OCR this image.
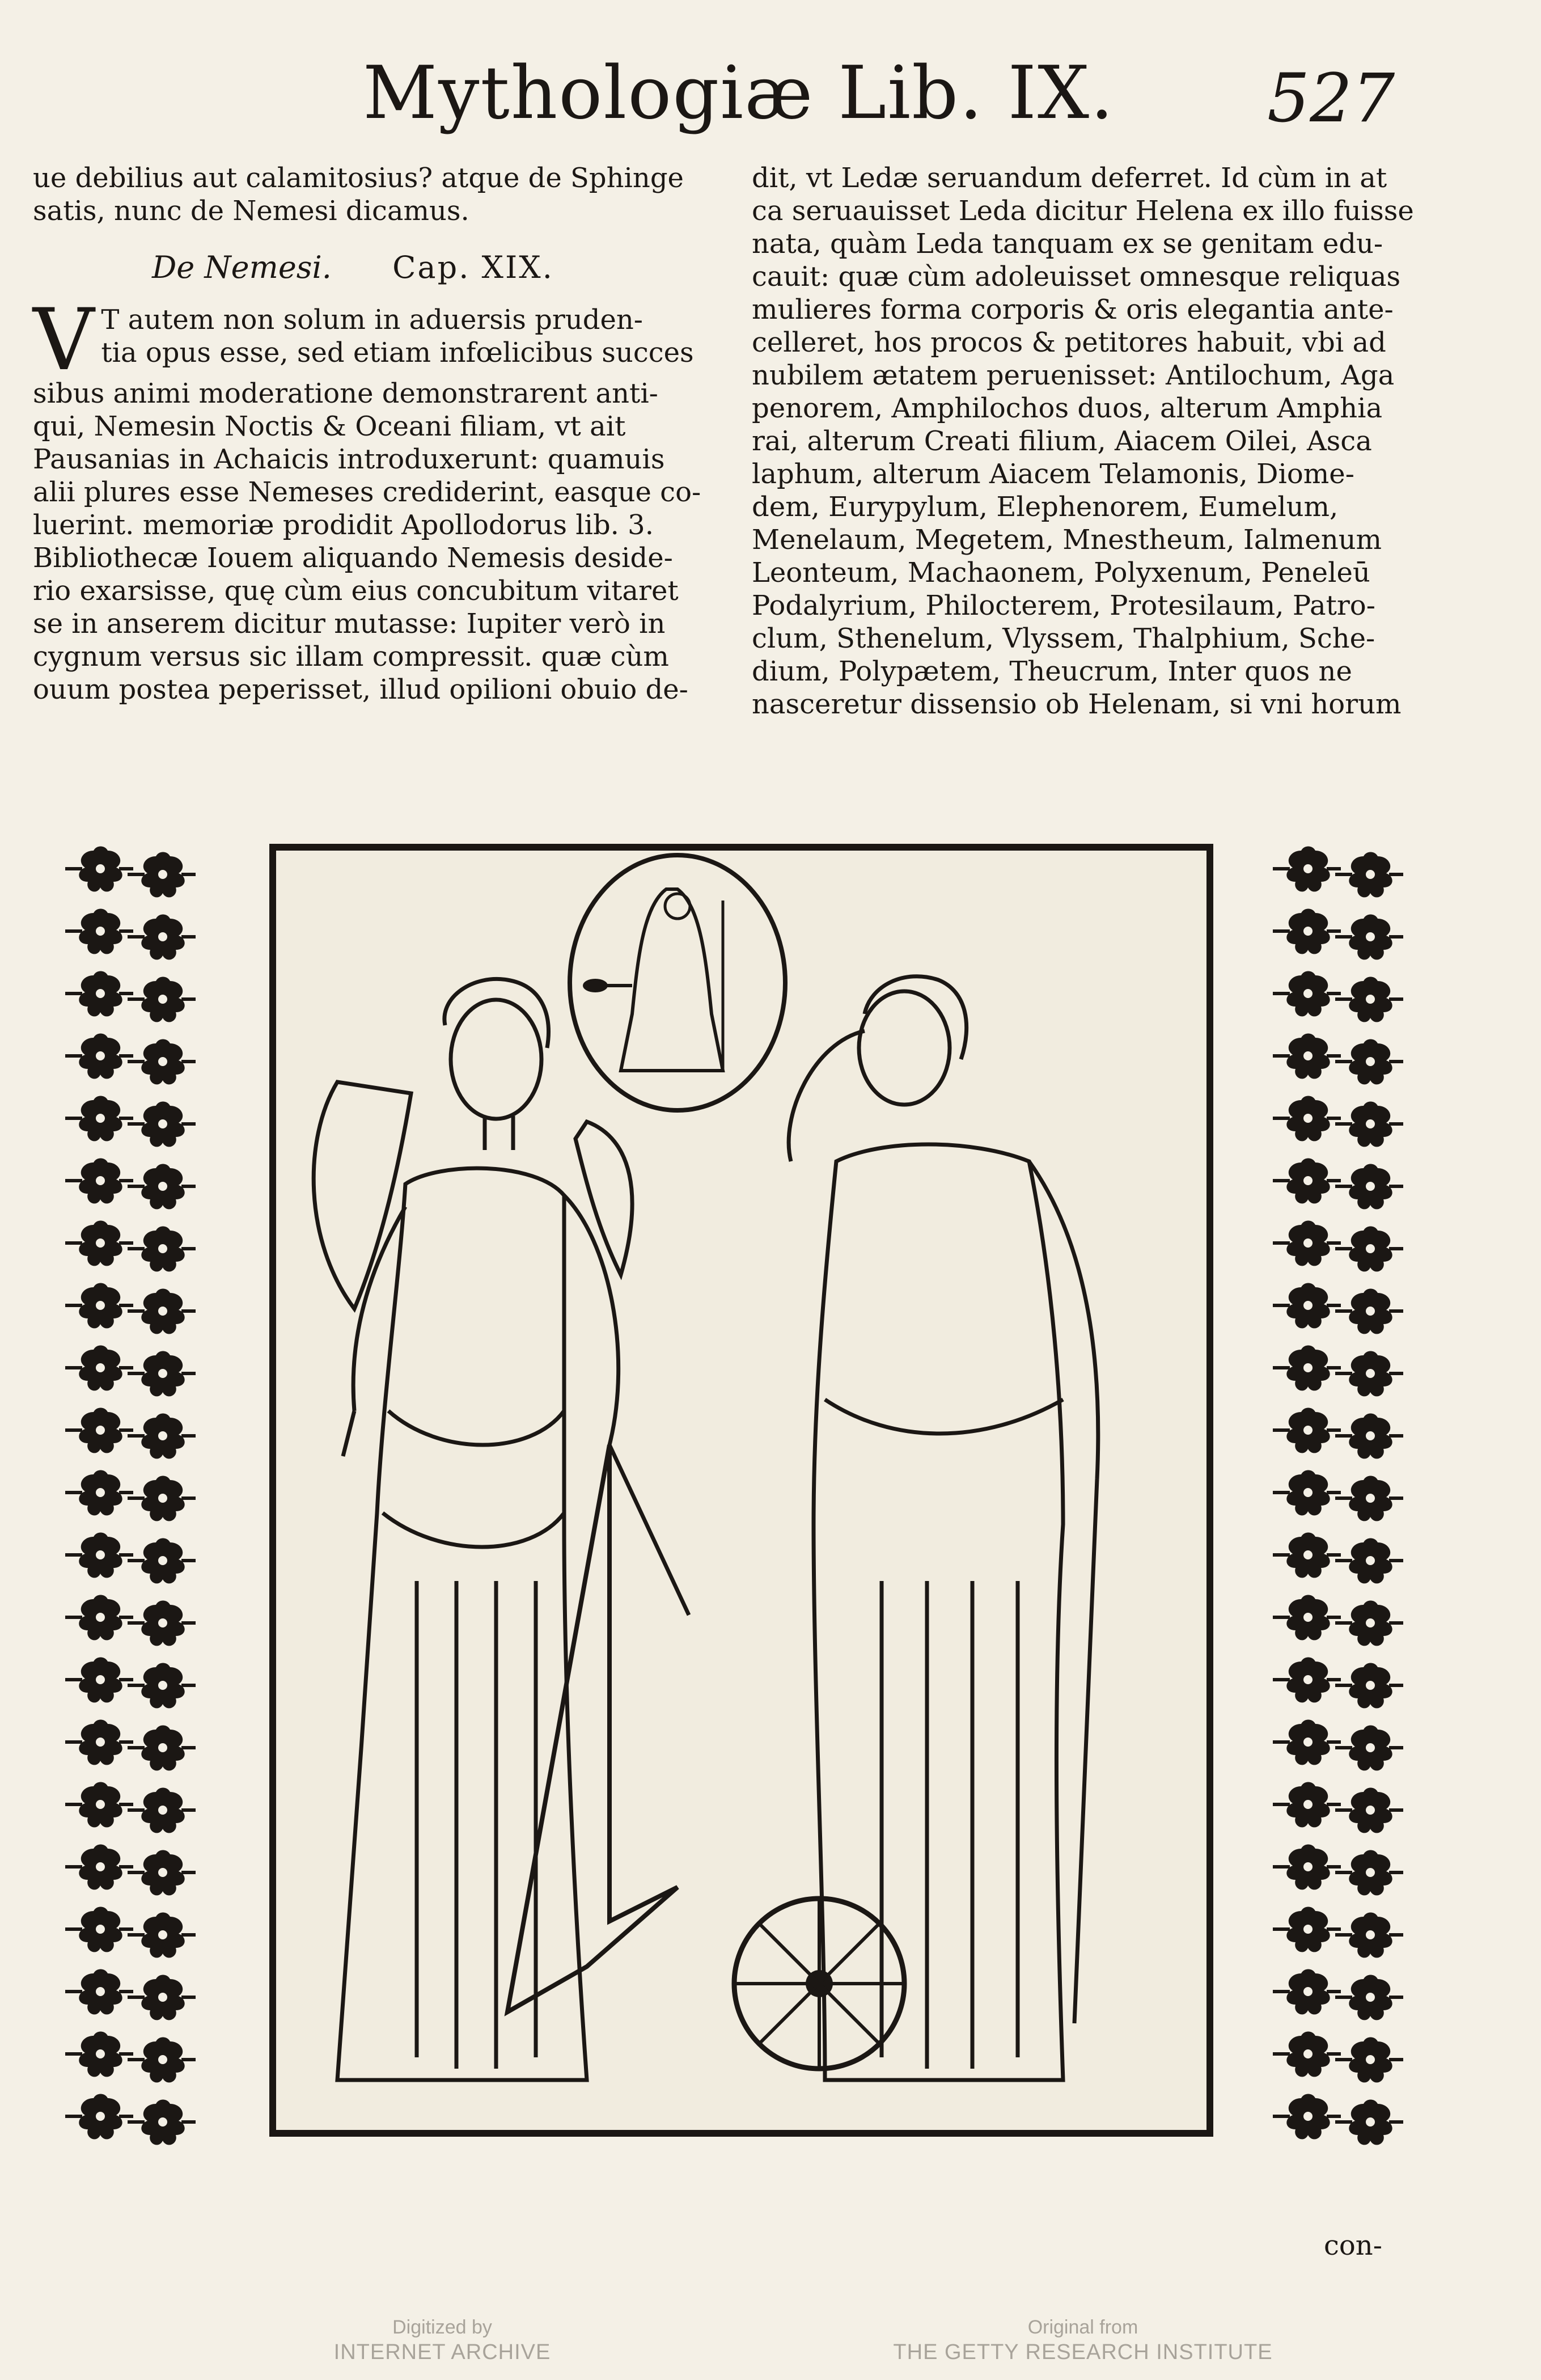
Mythologiæ Lib. IX. 527

ue debilius aut calamitosius? atque de Sphinge

satis, nunc de Nemesi dicamus.

De Nemesi. Cap. XIX.

V T autem non solum in aduersis pruden-

tia opus esse, sed etiam infœlicibus succes

sibus animi moderatione demonstrarent anti-

qui, Nemesin Noctis & Oceani filiam, vt ait

Pausanias in Achaicis introduxerunt: quamuis

alii plures esse Nemeses crediderint, easque co-

luerint. memoriæ prodidit Apollodorus lib. 3.

Bibliothecæ Iouem aliquando Nemesis deside-

rio exarsisse, quę cùm eius concubitum vitaret

se in anserem dicitur mutasse: Iupiter verò in

cygnum versus sic illam compressit. quæ cùm

ouum postea peperisset, illud opilioni obuio de-

dit, vt Ledæ seruandum deferret. Id cùm in at

ca seruauisset Leda dicitur Helena ex illo fuisse

nata, quàm Leda tanquam ex se genitam edu-

cauit: quæ cùm adoleuisset omnesque reliquas

mulieres forma corporis & oris elegantia ante-

celleret, hos procos & petitores habuit, vbi ad

nubilem ætatem peruenisset: Antilochum, Aga

penorem, Amphilochos duos, alterum Amphia

rai, alterum Creati filium, Aiacem Oilei, Asca

laphum, alterum Aiacem Telamonis, Diome-

dem, Eurypylum, Elephenorem, Eumelum,

Menelaum, Megetem, Mnestheum, Ialmenum

Leonteum, Machaonem, Polyxenum, Peneleū

Podalyrium, Philocterem, Protesilaum, Patro-

clum, Sthenelum, Vlyssem, Thalphium, Sche-

dium, Polypætem, Theucrum, Inter quos ne

nasceretur dissensio ob Helenam, si vni horum

con-
Digitized by
INTERNET ARCHIVE
Original from
THE GETTY RESEARCH INSTITUTE
